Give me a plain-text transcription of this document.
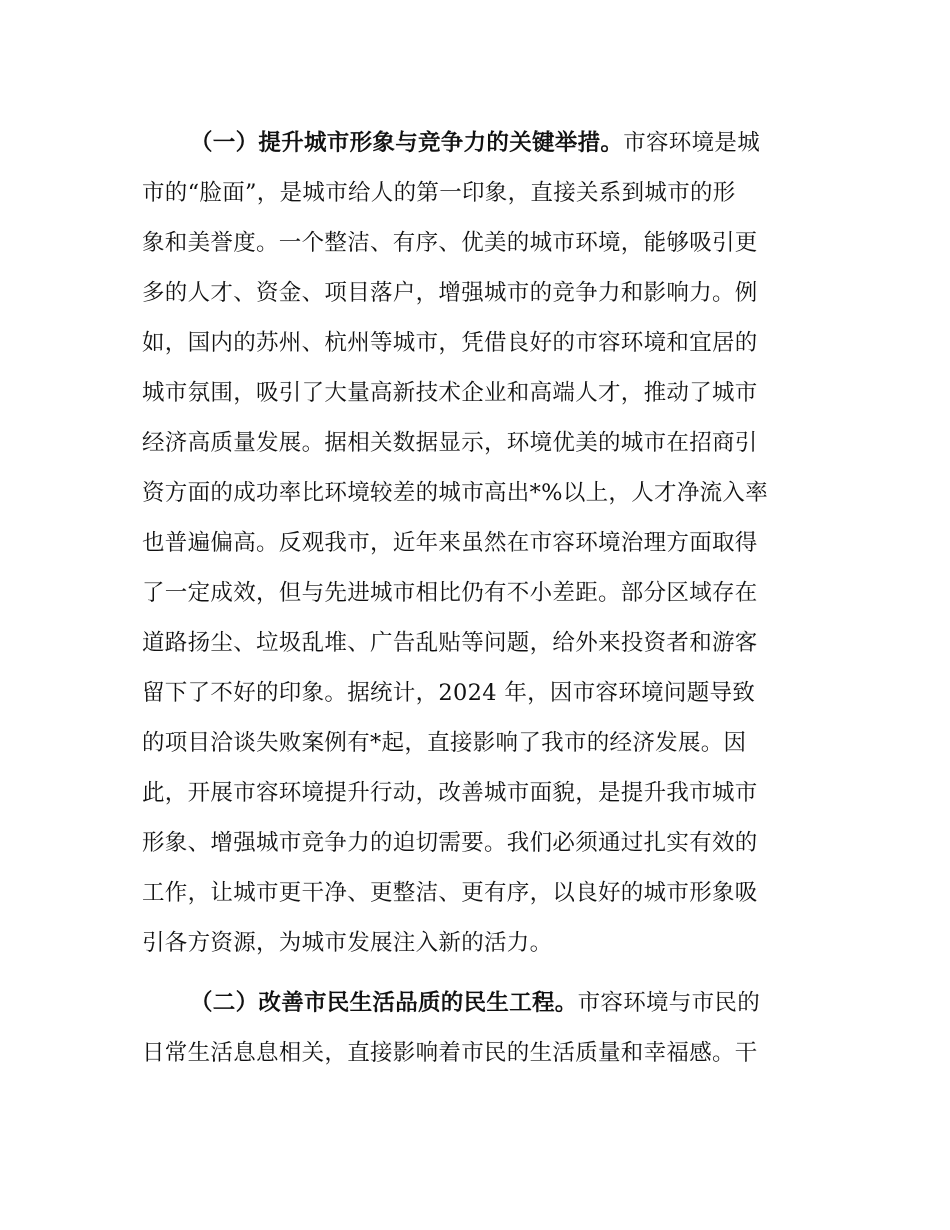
（一）提升城市形象与竞争力的关键举措。市容环境是城
市的“脸面”，是城市给人的第一印象，直接关系到城市的形
象和美誉度。一个整洁、有序、优美的城市环境，能够吸引更
多的人才、资金、项目落户，增强城市的竞争力和影响力。例
如，国内的苏州、杭州等城市，凭借良好的市容环境和宜居的
城市氛围，吸引了大量高新技术企业和高端人才，推动了城市
经济高质量发展。据相关数据显示，环境优美的城市在招商引
资方面的成功率比环境较差的城市高出*%以上，人才净流入率
也普遍偏高。反观我市，近年来虽然在市容环境治理方面取得
了一定成效，但与先进城市相比仍有不小差距。部分区域存在
道路扬尘、垃圾乱堆、广告乱贴等问题，给外来投资者和游客
留下了不好的印象。据统计，2024 年，因市容环境问题导致
的项目洽谈失败案例有*起，直接影响了我市的经济发展。因
此，开展市容环境提升行动，改善城市面貌，是提升我市城市
形象、增强城市竞争力的迫切需要。我们必须通过扎实有效的
工作，让城市更干净、更整洁、更有序，以良好的城市形象吸
引各方资源，为城市发展注入新的活力。
（二）改善市民生活品质的民生工程。市容环境与市民的
日常生活息息相关，直接影响着市民的生活质量和幸福感。干
